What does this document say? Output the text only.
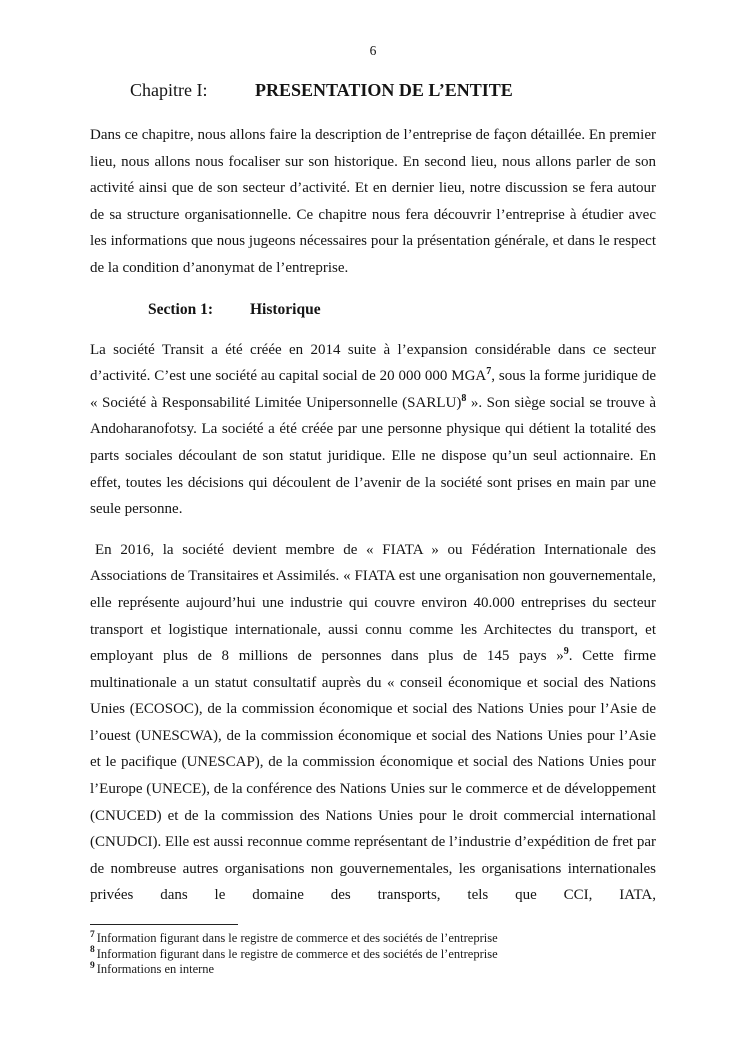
6
Chapitre I:	PRESENTATION DE L’ENTITE

Dans ce chapitre, nous allons faire la description de l’entreprise de façon détaillée. En premier lieu, nous allons nous focaliser sur son historique. En second lieu, nous allons parler de son activité ainsi que de son secteur d’activité. Et en dernier lieu, notre discussion se fera autour de sa structure organisationnelle. Ce chapitre nous fera découvrir l’entreprise à étudier avec les informations que nous jugeons nécessaires pour la présentation générale, et dans le respect de la condition d’anonymat de l’entreprise.

Section 1: Historique

La société Transit a été créée en 2014 suite à l’expansion considérable dans ce secteur d’activité. C’est une société au capital social de 20 000 000 MGA$^7$, sous la forme juridique de « Société à Responsabilité Limitée Unipersonnelle (SARLU)$^8$ ». Son siège social se trouve à Andoharanofotsy. La société a été créée par une personne physique qui détient la totalité des parts sociales découlant de son statut juridique. Elle ne dispose qu’un seul actionnaire. En effet, toutes les décisions qui découlent de l’avenir de la société sont prises en main par une seule personne.

En 2016, la société devient membre de « FIATA » ou Fédération Internationale des Associations de Transitaires et Assimilés. « FIATA est une organisation non gouvernementale, elle représente aujourd’hui une industrie qui couvre environ 40.000 entreprises du secteur transport et logistique internationale, aussi connu comme les Architectes du transport, et employant plus de 8 millions de personnes dans plus de 145 pays »$^9$. Cette firme multinationale a un statut consultatif auprès du « conseil économique et social des Nations Unies (ECOSOC), de la commission économique et social des Nations Unies pour l’Asie de l’ouest (UNESCWA), de la commission économique et social des Nations Unies pour l’Asie et le pacifique (UNESCAP), de la commission économique et social des Nations Unies pour l’Europe (UNECE), de la conférence des Nations Unies sur le commerce et de développement (CNUCED) et de la commission des Nations Unies pour le droit commercial international (CNUDCI). Elle est aussi reconnue comme représentant de l’industrie d’expédition de fret par de nombreuse autres organisations non gouvernementales, les organisations internationales privées dans le domaine des transports, tels que CCI, IATA,

$^7$ Information figurant dans le registre de commerce et des sociétés de l’entreprise
$^8$ Information figurant dans le registre de commerce et des sociétés de l’entreprise
$^9$ Informations en interne
